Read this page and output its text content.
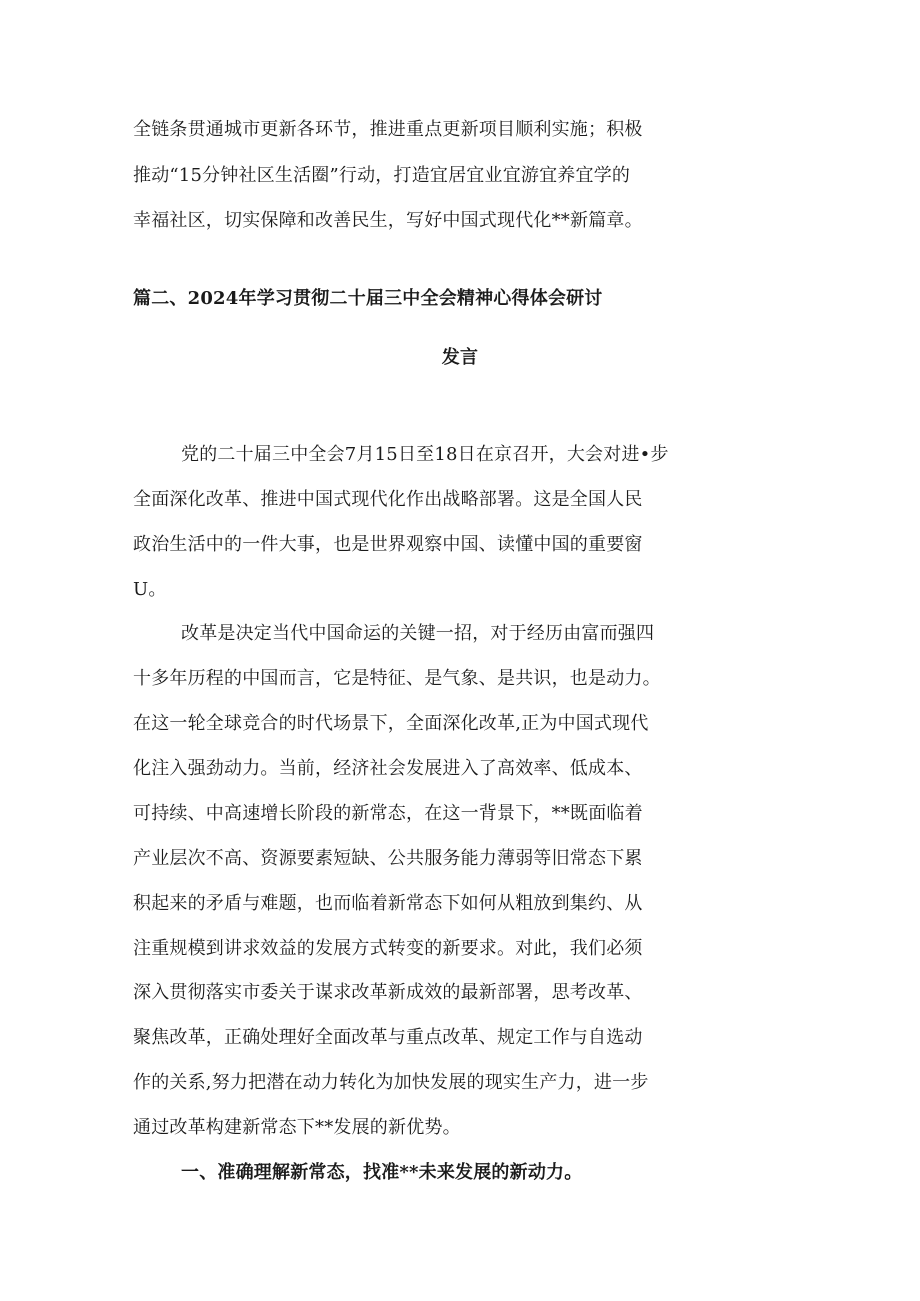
全链条贯通城市更新各环节，推进重点更新项目顺利实施；积极
推动“15分钟社区生活圈”行动，打造宜居宜业宜游宜养宜学的
幸福社区，切实保障和改善民生，写好中国式现代化**新篇章。
篇二、2024年学习贯彻二十届三中全会精神心得体会研讨
发言
党的二十届三中全会7月15日至18日在京召开，大会对进•步
全面深化改革、推进中国式现代化作出战略部署。这是全国人民
政治生活中的一件大事，也是世界观察中国、读懂中国的重要窗
U。
改革是决定当代中国命运的关键一招，对于经历由富而强四
十多年历程的中国而言，它是特征、是气象、是共识，也是动力。
在这一轮全球竞合的时代场景下，全面深化改革,正为中国式现代
化注入强劲动力。当前，经济社会发展进入了高效率、低成本、
可持续、中高速增长阶段的新常态，在这一背景下，**既面临着
产业层次不高、资源要素短缺、公共服务能力薄弱等旧常态下累
积起来的矛盾与难题，也而临着新常态下如何从粗放到集约、从
注重规模到讲求效益的发展方式转变的新要求。对此，我们必须
深入贯彻落实市委关于谋求改革新成效的最新部署，思考改革、
聚焦改革，正确处理好全面改革与重点改革、规定工作与自选动
作的关系,努力把潜在动力转化为加快发展的现实生产力，进一步
通过改革构建新常态下**发展的新优势。
一、准确理解新常态，找准**未来发展的新动力。
